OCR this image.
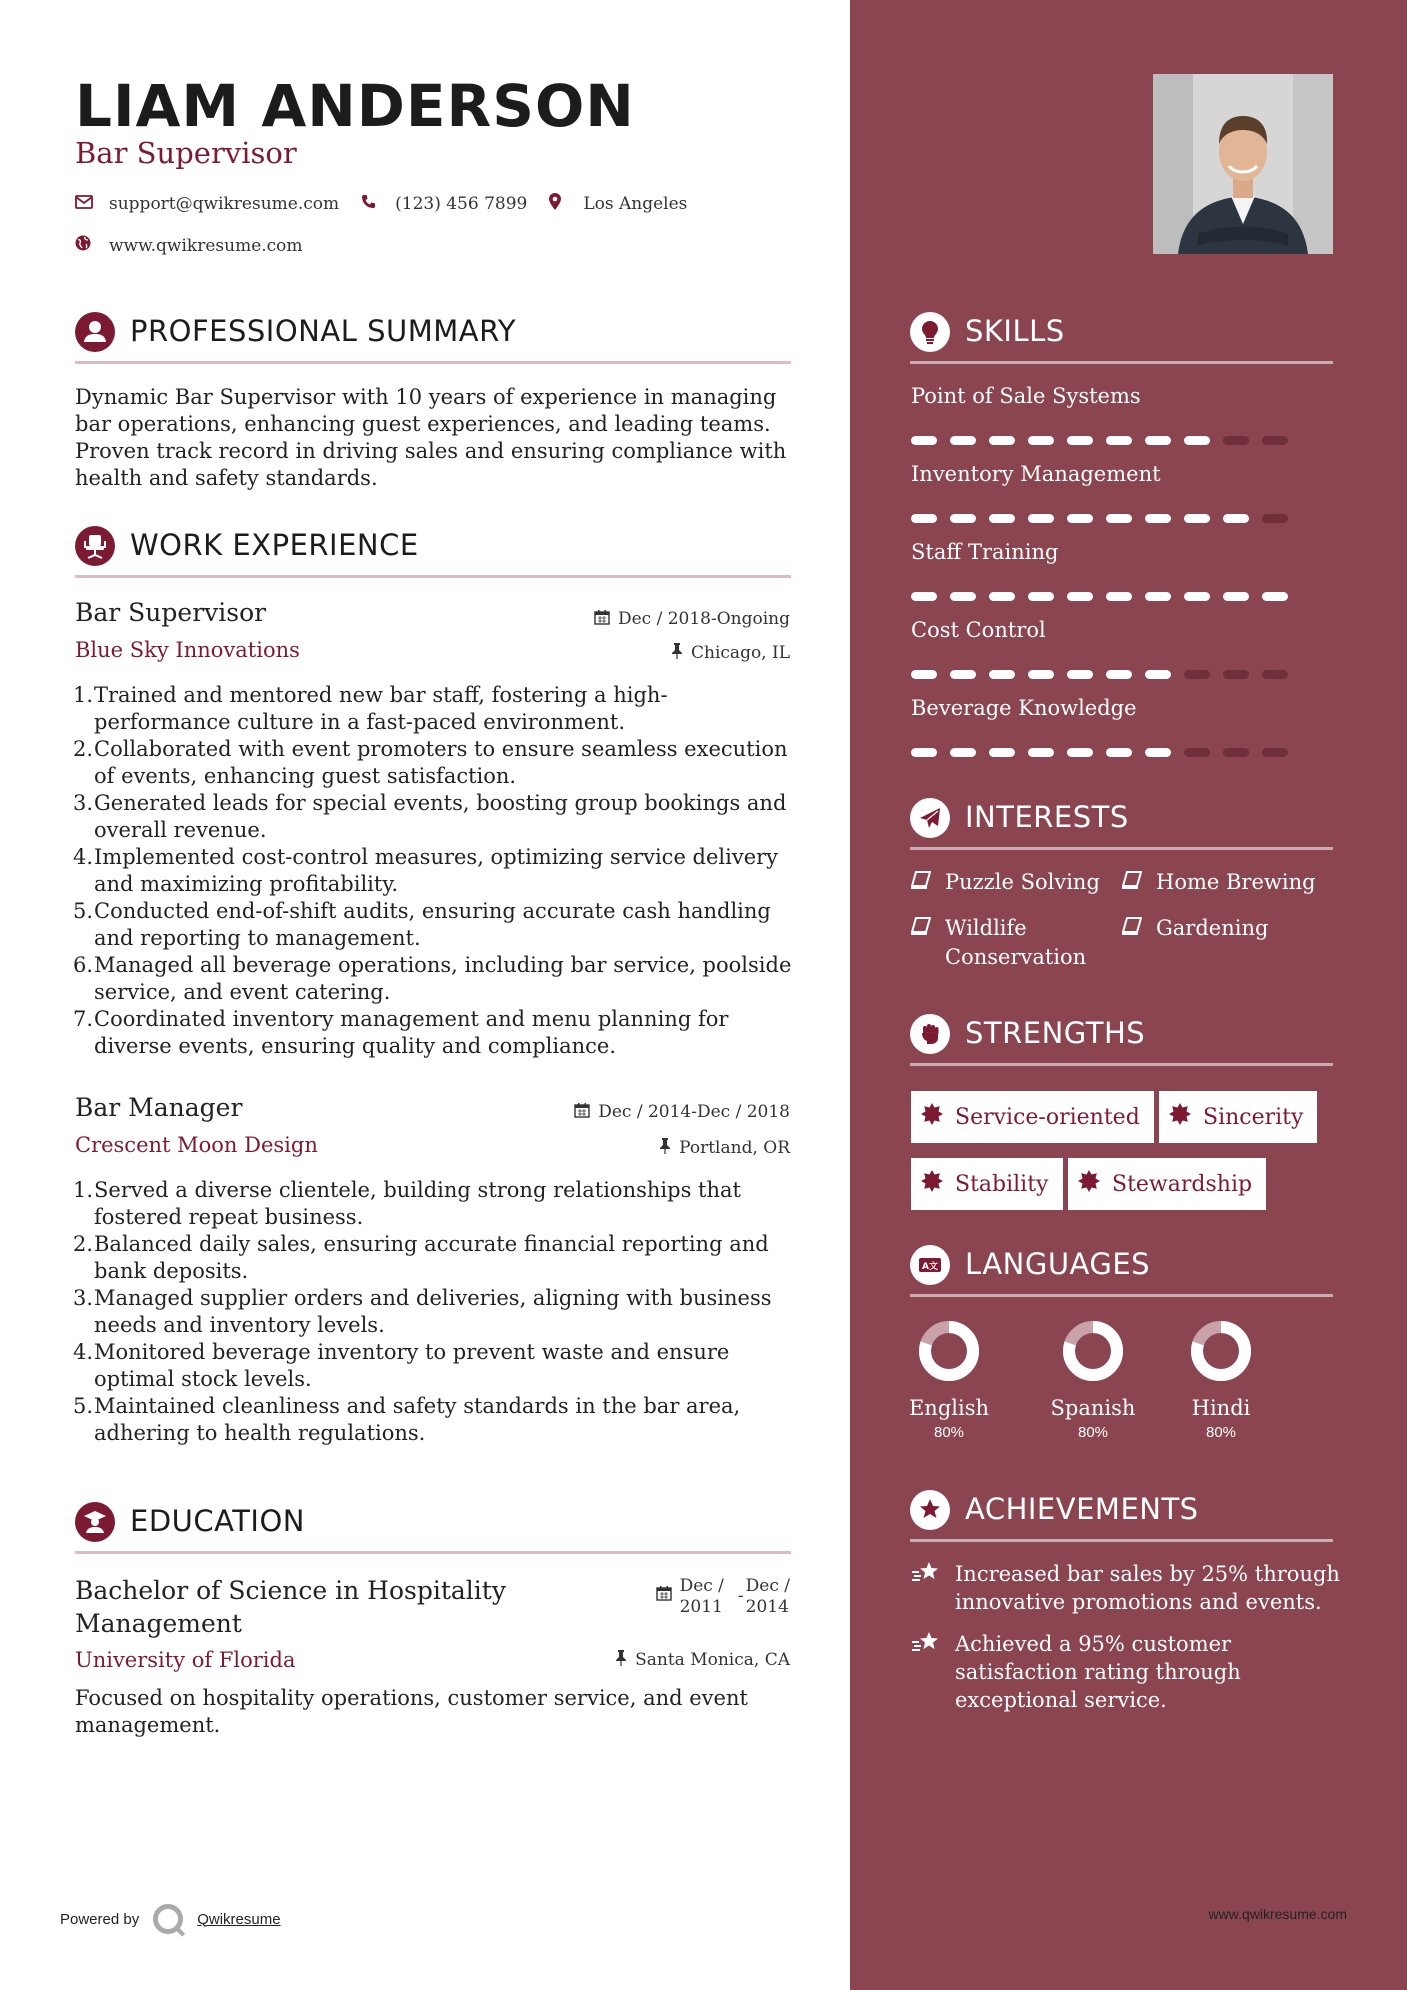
LIAM ANDERSON
Bar Supervisor
support@qwikresume.com	(123) 456 7899	Los Angeles
www.qwikresume.com
PROFESSIONAL SUMMARY
Dynamic Bar Supervisor with 10 years of experience in managing bar operations, enhancing guest experiences, and leading teams. Proven track record in driving sales and ensuring compliance with health and safety standards.
WORK EXPERIENCE
Bar Supervisor
Blue Sky Innovations
Dec / 2018-Ongoing
Chicago, IL
Trained and mentored new bar staff, fostering a high-performance culture in a fast-paced environment.
Collaborated with event promoters to ensure seamless execution of events, enhancing guest satisfaction.
Generated leads for special events, boosting group bookings and overall revenue.
Implemented cost-control measures, optimizing service delivery and maximizing profitability.
Conducted end-of-shift audits, ensuring accurate cash handling and reporting to management.
Managed all beverage operations, including bar service, poolside service, and event catering.
Coordinated inventory management and menu planning for diverse events, ensuring quality and compliance.
Bar Manager
Crescent Moon Design
Dec / 2014-Dec / 2018
Portland, OR
Served a diverse clientele, building strong relationships that fostered repeat business.
Balanced daily sales, ensuring accurate financial reporting and bank deposits.
Managed supplier orders and deliveries, aligning with business needs and inventory levels.
Monitored beverage inventory to prevent waste and ensure optimal stock levels.
Maintained cleanliness and safety standards in the bar area, adhering to health regulations.
EDUCATION
Bachelor of Science in Hospitality Management
University of Florida
Dec /
2011
- Dec /
2014
Santa Monica, CA
Focused on hospitality operations, customer service, and event management.
Powered by	Qwikresume
SKILLS
Point of Sale Systems
Inventory Management
Staff Training
Cost Control
Beverage Knowledge
INTERESTS
Puzzle Solving	Home Brewing
Wildlife Conservation
Gardening
STRENGTHS
Service-oriented	Sincerity
Stability	Stewardship
A文 LANGUAGES
English
80%
Spanish
80%
Hindi
80%
ACHIEVEMENTS
Increased bar sales by 25% through innovative promotions and events.
Achieved a 95% customer satisfaction rating through exceptional service.
www.qwikresume.com
